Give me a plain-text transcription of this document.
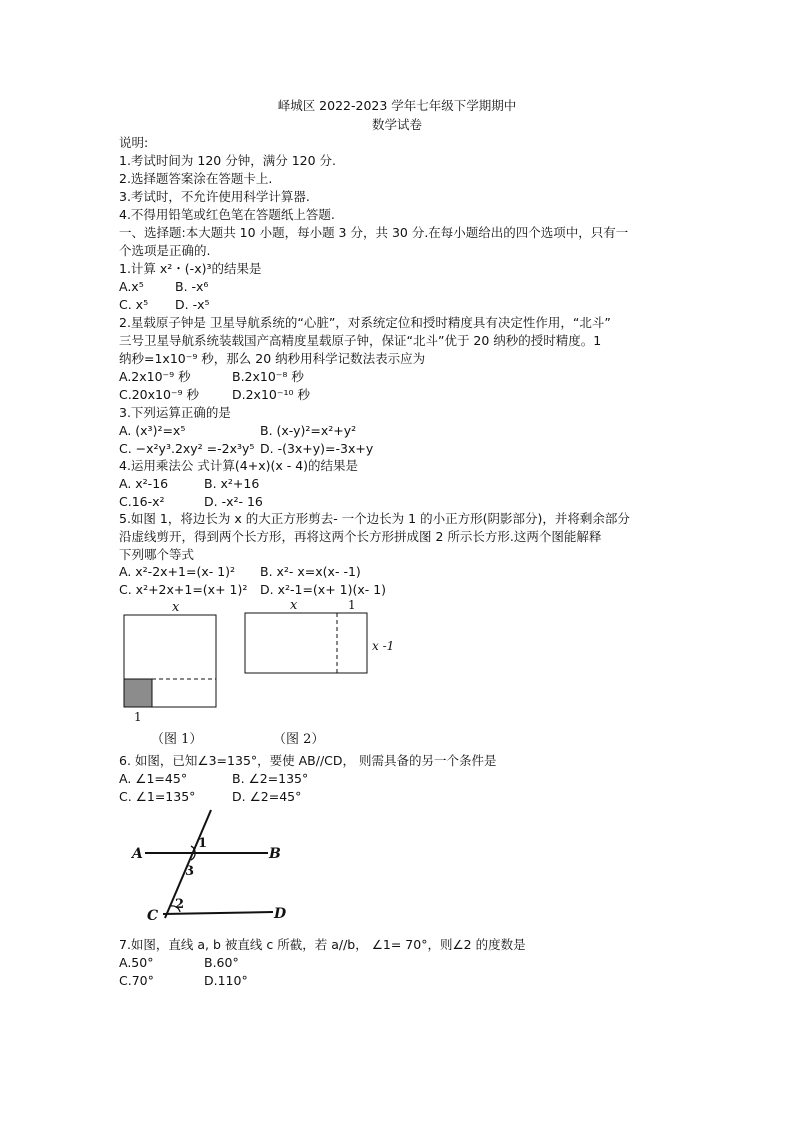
峄城区 2022-2023 学年七年级下学期期中
数学试卷
说明:
1.考试时间为 120 分钟，满分 120 分.
2.选择题答案涂在答题卡上.
3.考试时，不允许使用科学计算器.
4.不得用铅笔或红色笔在答题纸上答题.
一、选择题:本大题共 10 小题，每小题 3 分，共 30 分.在每小题给出的四个选项中，只有一
个选项是正确的.
1.计算 x²・(-x)³的结果是
A.x⁵	B. -x⁶
C. x⁵ D. -x⁵
2.星载原子钟是 卫星导航系统的“心脏”，对系统定位和授时精度具有决定性作用，“北斗”
三号卫星导航系统装载国产高精度星载原子钟，保证“北斗”优于 20 纳秒的授时精度。1
纳秒=1x10⁻⁹ 秒，那么 20 纳秒用科学记数法表示应为
A.2x10⁻⁹ 秒	B.2x10⁻⁸ 秒
C.20x10⁻⁹ 秒	D.2x10⁻¹⁰ 秒
3.下列运算正确的是
A. (x³)²=x⁵	B. (x-y)²=x²+y²
C. −x²y³.2xy² =-2x³y⁵ D. -(3x+y)=-3x+y
4.运用乘法公 式计算(4+x)(x - 4)的结果是
A. x²-16	B. x²+16
C.16-x²	D. -x²- 16
5.如图 1，将边长为 x 的大正方形剪去- 一个边长为 1 的小正方形(阴影部分)，并将剩余部分
沿虚线剪开，得到两个长方形，再将这两个长方形拼成图 2 所示长方形.这两个图能解释
下列哪个等式
A. x²-2x+1=(x- 1)² B. x²- x=x(x- -1)
C. x²+2x+1=(x+ 1)² D. x²-1=(x+ 1)(x- 1)
x
1
x	1
x -1
（图 1）	（图 2）
6. 如图，已知∠3=135°，要使 AB//CD， 则需具备的另一个条件是
A. ∠1=45°	B. ∠2=135°
C. ∠1=135°	D. ∠2=45°
A	B
C	D
1
2
3
7.如图，直线 a, b 被直线 c 所截，若 a//b， ∠1= 70°，则∠2 的度数是
A.50°	B.60°
C.70°	D.110°
